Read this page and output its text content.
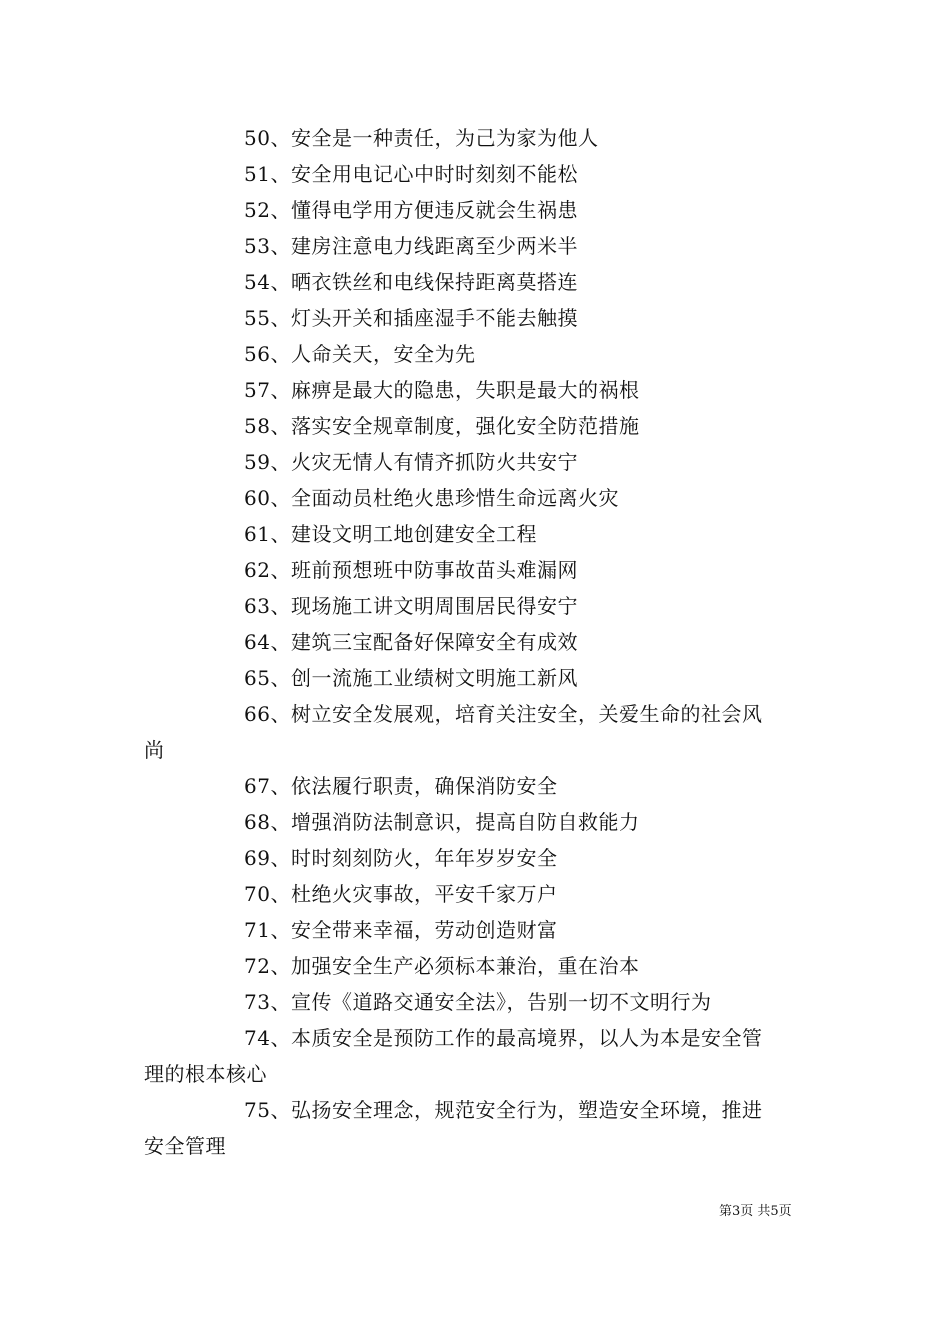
50、安全是一种责任，为己为家为他人
51、安全用电记心中时时刻刻不能松
52、懂得电学用方便违反就会生祸患
53、建房注意电力线距离至少两米半
54、晒衣铁丝和电线保持距离莫搭连
55、灯头开关和插座湿手不能去触摸
56、人命关天，安全为先
57、麻痹是最大的隐患，失职是最大的祸根
58、落实安全规章制度，强化安全防范措施
59、火灾无情人有情齐抓防火共安宁
60、全面动员杜绝火患珍惜生命远离火灾
61、建设文明工地创建安全工程
62、班前预想班中防事故苗头难漏网
63、现场施工讲文明周围居民得安宁
64、建筑三宝配备好保障安全有成效
65、创一流施工业绩树文明施工新风
66、树立安全发展观，培育关注安全，关爱生命的社会风
尚
67、依法履行职责，确保消防安全
68、增强消防法制意识，提高自防自救能力
69、时时刻刻防火，年年岁岁安全
70、杜绝火灾事故，平安千家万户
71、安全带来幸福，劳动创造财富
72、加强安全生产必须标本兼治，重在治本
73、宣传《道路交通安全法》，告别一切不文明行为
74、本质安全是预防工作的最高境界，以人为本是安全管
理的根本核心
75、弘扬安全理念，规范安全行为，塑造安全环境，推进
安全管理
第3页 共5页
